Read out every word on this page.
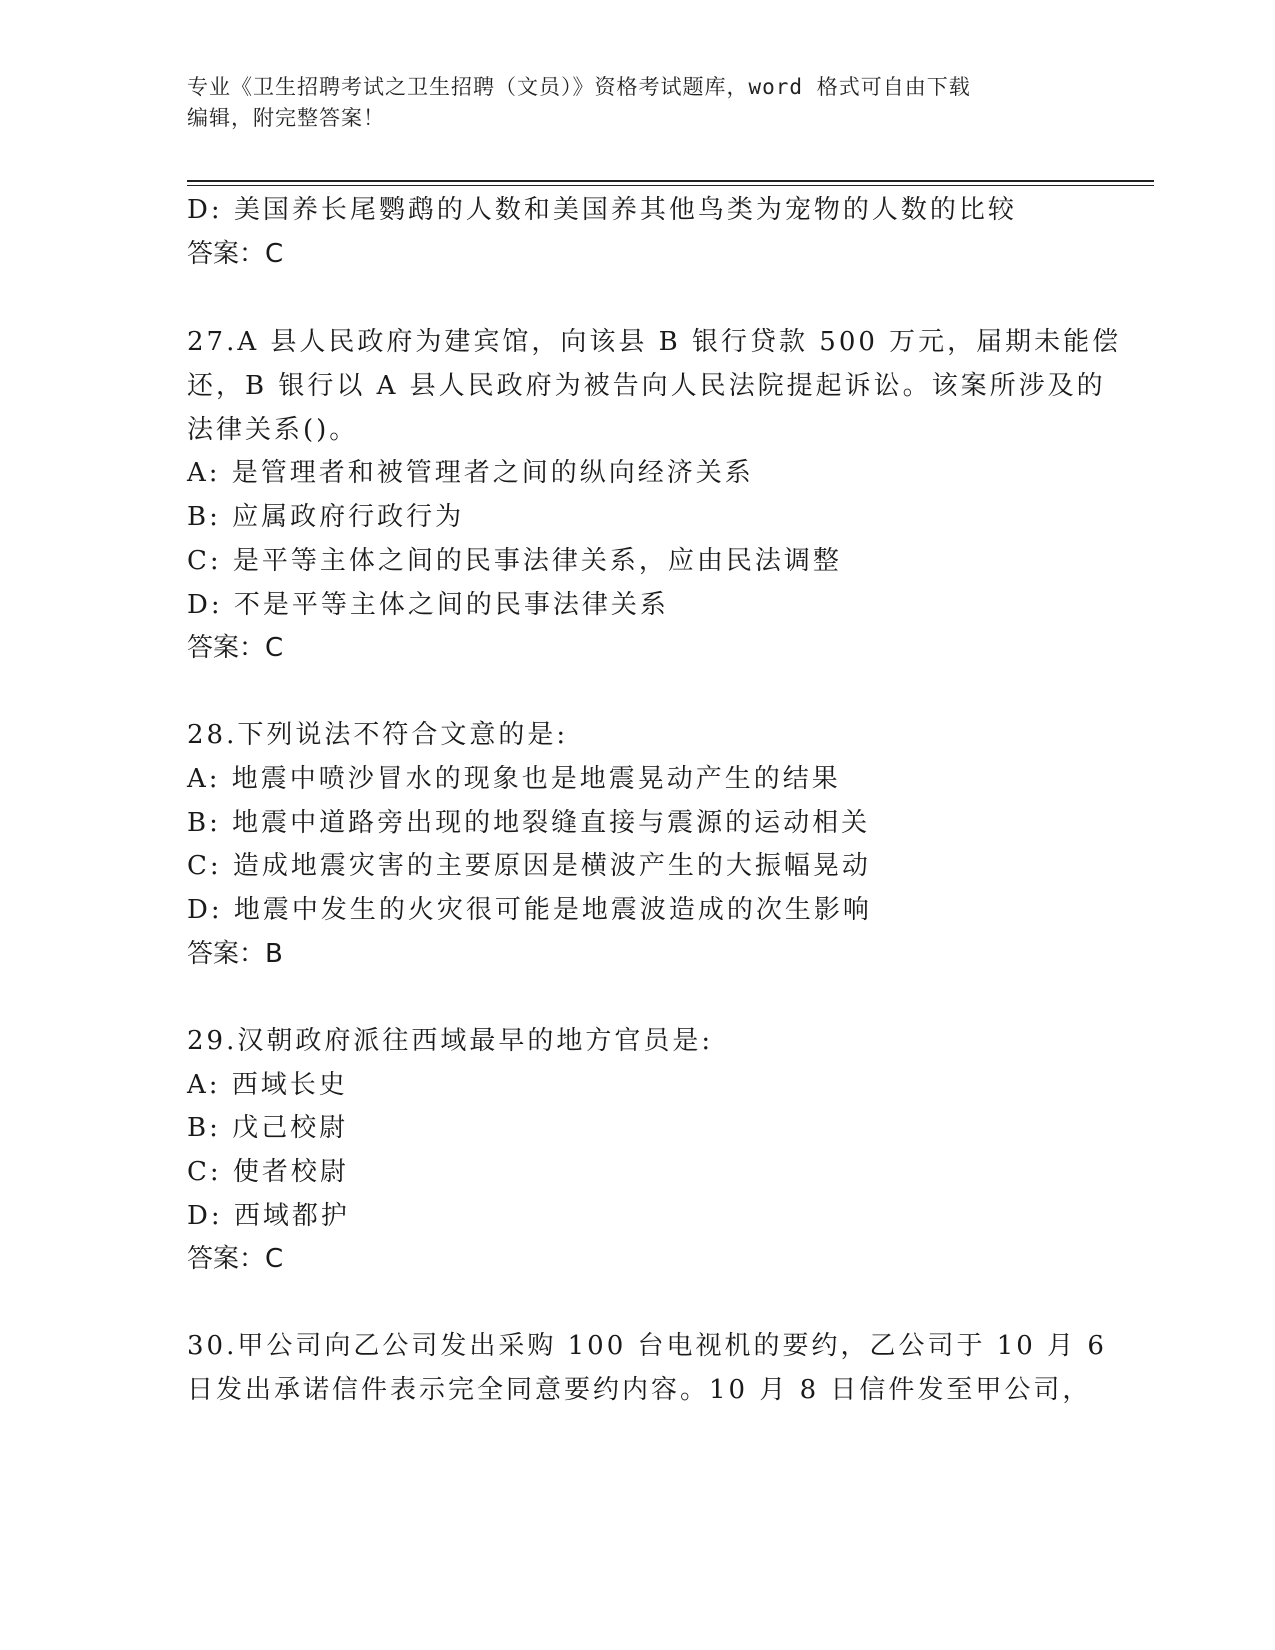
专业《卫生招聘考试之卫生招聘（文员）》资格考试题库，word 格式可自由下载
编辑，附完整答案！
D: 美国养长尾鹦鹉的人数和美国养其他鸟类为宠物的人数的比较
答案：C
27.A 县人民政府为建宾馆，向该县 B 银行贷款 500 万元，届期未能偿
还，B 银行以 A 县人民政府为被告向人民法院提起诉讼。该案所涉及的
法律关系()。
A: 是管理者和被管理者之间的纵向经济关系
B: 应属政府行政行为
C: 是平等主体之间的民事法律关系，应由民法调整
D: 不是平等主体之间的民事法律关系
答案：C
28.下列说法不符合文意的是:
A: 地震中喷沙冒水的现象也是地震晃动产生的结果
B: 地震中道路旁出现的地裂缝直接与震源的运动相关
C: 造成地震灾害的主要原因是横波产生的大振幅晃动
D: 地震中发生的火灾很可能是地震波造成的次生影响
答案：B
29.汉朝政府派往西域最早的地方官员是:
A: 西域长史
B: 戊己校尉
C: 使者校尉
D: 西域都护
答案：C
30.甲公司向乙公司发出采购 100 台电视机的要约，乙公司于 10 月 6
日发出承诺信件表示完全同意要约内容。10 月 8 日信件发至甲公司，
